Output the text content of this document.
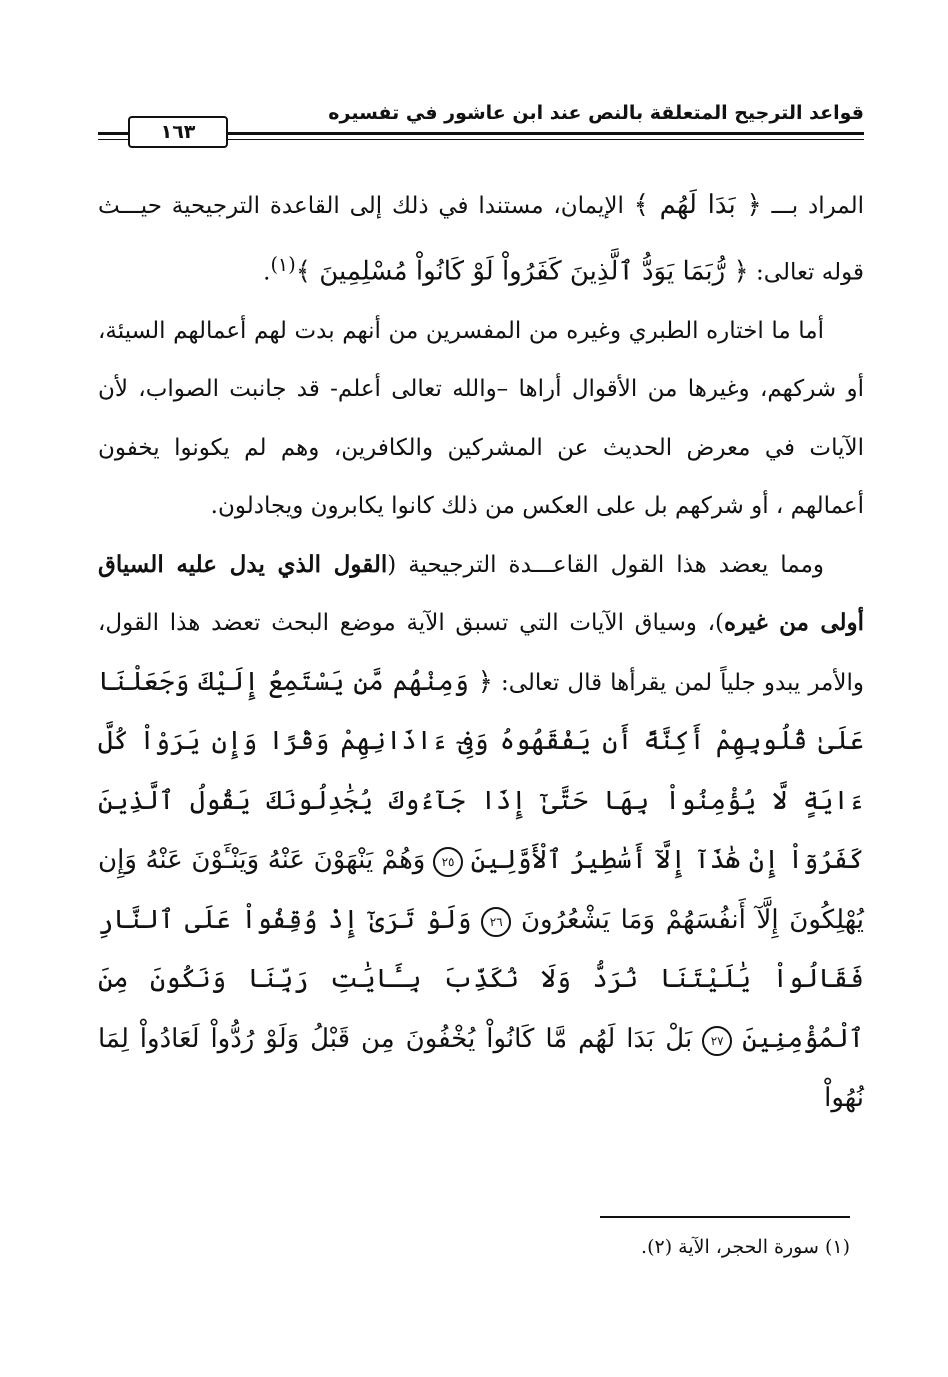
قواعد الترجيح المتعلقة بالنص عند ابن عاشور في تفسيره
١٦٣

المراد بـــ ﴿ بَدَا لَهُم ﴾ الإيمان، مستندا في ذلك إلى القاعدة الترجيحية حيـــث قوله تعالى: ﴿ رُّبَمَا يَوَدُّ ٱلَّذِينَ كَفَرُواْ لَوْ كَانُواْ مُسْلِمِينَ ﴾$^{(١)}$.

أما ما اختاره الطبري وغيره من المفسرين من أنهم بدت لهم أعمالهم السيئة، أو شركهم، وغيرها من الأقوال أراها –والله تعالى أعلم- قد جانبت الصواب، لأن الآيات في معرض الحديث عن المشركين والكافرين، وهم لم يكونوا يخفون أعمالهم ، أو شركهم بل على العكس من ذلك كانوا يكابرون ويجادلون.

ومما يعضد هذا القول القاعـــدة الترجيحية (القول الذي يدل عليه السياق أولى من غيره)، وسياق الآيات التي تسبق الآية موضع البحث تعضد هذا القول، والأمر يبدو جلياً لمن يقرأها قال تعالى: ﴿ وَمِنْهُم مَّن يَسْتَمِعُ إِلَيْكَ وَجَعَلْنَا عَلَىٰ قُلُوبِهِمْ أَكِنَّةً أَن يَفْقَهُوهُ وَفِىٓ ءَاذَانِهِمْ وَقْرًا وَإِن يَرَوْاْ كُلَّ ءَايَةٍ لَّا يُؤْمِنُواْ بِهَا حَتَّىٰٓ إِذَا جَآءُوكَ يُجَٰدِلُونَكَ يَقُولُ ٱلَّذِينَ كَفَرُوٓاْ إِنْ هَٰذَآ إِلَّآ أَسَٰطِيرُ ٱلْأَوَّلِينَ ٢٥ وَهُمْ يَنْهَوْنَ عَنْهُ وَيَنْـَٔوْنَ عَنْهُ وَإِن يُهْلِكُونَ إِلَّآ أَنفُسَهُمْ وَمَا يَشْعُرُونَ ٢٦ وَلَوْ تَرَىٰٓ إِذْ وُقِفُواْ عَلَى ٱلنَّارِ فَقَالُواْ يَٰلَيْتَنَا نُرَدُّ وَلَا نُكَذِّبَ بِـَٔايَٰتِ رَبِّنَا وَنَكُونَ مِنَ ٱلْمُؤْمِنِينَ ٢٧ بَلْ بَدَا لَهُم مَّا كَانُواْ يُخْفُونَ مِن قَبْلُ وَلَوْ رُدُّواْ لَعَادُواْ لِمَا نُهُواْ

(١) سورة الحجر، الآية (٢).
